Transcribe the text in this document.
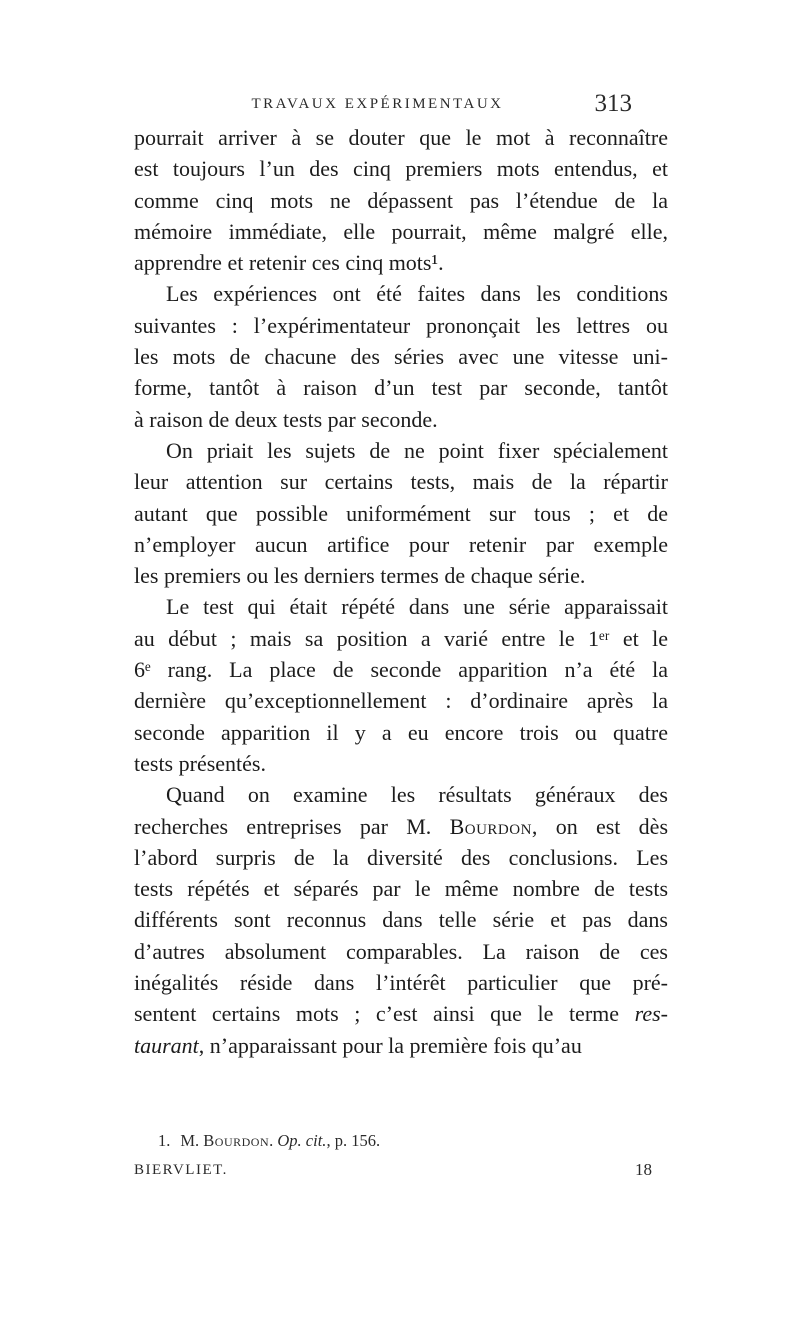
TRAVAUX EXPÉRIMENTAUX	313
pourrait arriver à se douter que le mot à reconnaître
est toujours l’un des cinq premiers mots entendus, et
comme cinq mots ne dépassent pas l’étendue de la
mémoire immédiate, elle pourrait, même malgré elle,
apprendre et retenir ces cinq mots¹.
Les expériences ont été faites dans les conditions
suivantes : l’expérimentateur prononçait les lettres ou
les mots de chacune des séries avec une vitesse uni-
forme, tantôt à raison d’un test par seconde, tantôt
à raison de deux tests par seconde.
On priait les sujets de ne point fixer spécialement
leur attention sur certains tests, mais de la répartir
autant que possible uniformément sur tous ; et de
n’employer aucun artifice pour retenir par exemple
les premiers ou les derniers termes de chaque série.
Le test qui était répété dans une série apparaissait
au début ; mais sa position a varié entre le 1ᵉʳ et le
6ᵉ rang. La place de seconde apparition n’a été la
dernière qu’exceptionnellement : d’ordinaire après la
seconde apparition il y a eu encore trois ou quatre
tests présentés.
Quand on examine les résultats généraux des
recherches entreprises par M. Bourdon, on est dès
l’abord surpris de la diversité des conclusions. Les
tests répétés et séparés par le même nombre de tests
différents sont reconnus dans telle série et pas dans
d’autres absolument comparables. La raison de ces
inégalités réside dans l’intérêt particulier que pré-
sentent certains mots ; c’est ainsi que le terme res-
taurant, n’apparaissant pour la première fois qu’au
1. M. Bourdon. Op. cit., p. 156.
BIERVLIET.	18
